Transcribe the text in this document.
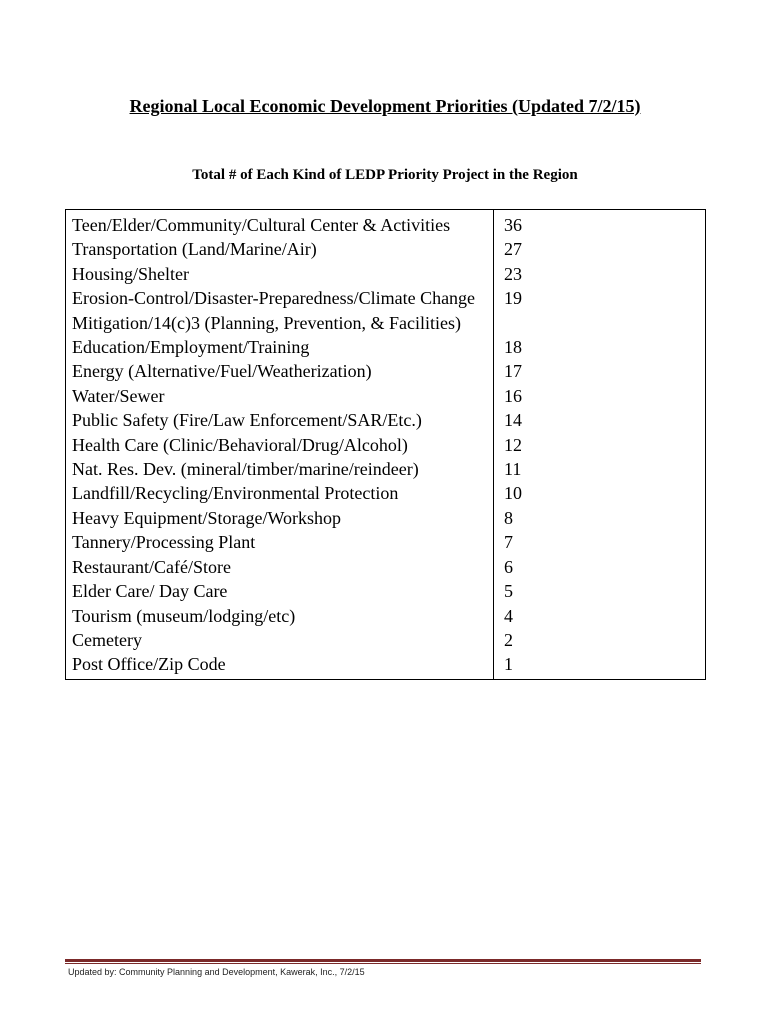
Regional Local Economic Development Priorities (Updated 7/2/15)
Total # of Each Kind of LEDP Priority Project in the Region
Teen/Elder/Community/Cultural Center & Activities	36
Transportation (Land/Marine/Air)	27
Housing/Shelter	23
Erosion-Control/Disaster-Preparedness/Climate Change Mitigation/14(c)3 (Planning, Prevention, & Facilities)	19
Education/Employment/Training	18
Energy (Alternative/Fuel/Weatherization)	17
Water/Sewer	16
Public Safety (Fire/Law Enforcement/SAR/Etc.)	14
Health Care (Clinic/Behavioral/Drug/Alcohol)	12
Nat. Res. Dev. (mineral/timber/marine/reindeer)	11
Landfill/Recycling/Environmental Protection	10
Heavy Equipment/Storage/Workshop	8
Tannery/Processing Plant	7
Restaurant/Café/Store	6
Elder Care/ Day Care	5
Tourism (museum/lodging/etc)	4
Cemetery	2
Post Office/Zip Code	1
Updated by: Community Planning and Development, Kawerak, Inc., 7/2/15
